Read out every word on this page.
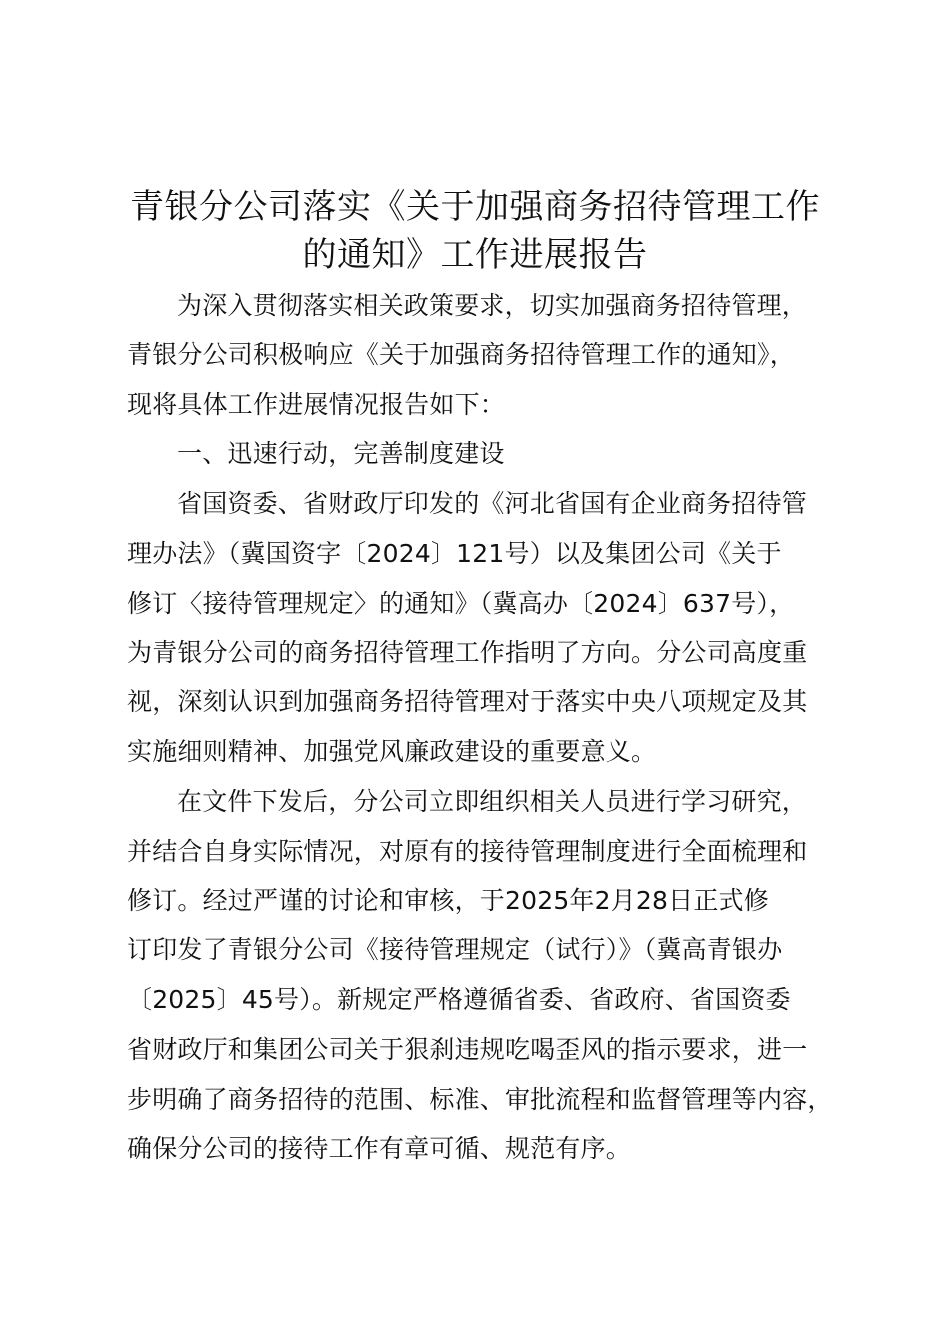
青银分公司落实《关于加强商务招待管理工作
的通知》工作进展报告
为深入贯彻落实相关政策要求，切实加强商务招待管理，
青银分公司积极响应《关于加强商务招待管理工作的通知》，
现将具体工作进展情况报告如下：
一、迅速行动，完善制度建设
省国资委、省财政厅印发的《河北省国有企业商务招待管
理办法》（冀国资字〔2024〕121号）以及集团公司《关于
修订〈接待管理规定〉的通知》（冀高办〔2024〕637号），
为青银分公司的商务招待管理工作指明了方向。分公司高度重
视，深刻认识到加强商务招待管理对于落实中央八项规定及其
实施细则精神、加强党风廉政建设的重要意义。
在文件下发后，分公司立即组织相关人员进行学习研究，
并结合自身实际情况，对原有的接待管理制度进行全面梳理和
修订。经过严谨的讨论和审核，于2025年2月28日正式修
订印发了青银分公司《接待管理规定（试行）》（冀高青银办
〔2025〕45号）。新规定严格遵循省委、省政府、省国资委
省财政厅和集团公司关于狠刹违规吃喝歪风的指示要求，进一
步明确了商务招待的范围、标准、审批流程和监督管理等内容，
确保分公司的接待工作有章可循、规范有序。
